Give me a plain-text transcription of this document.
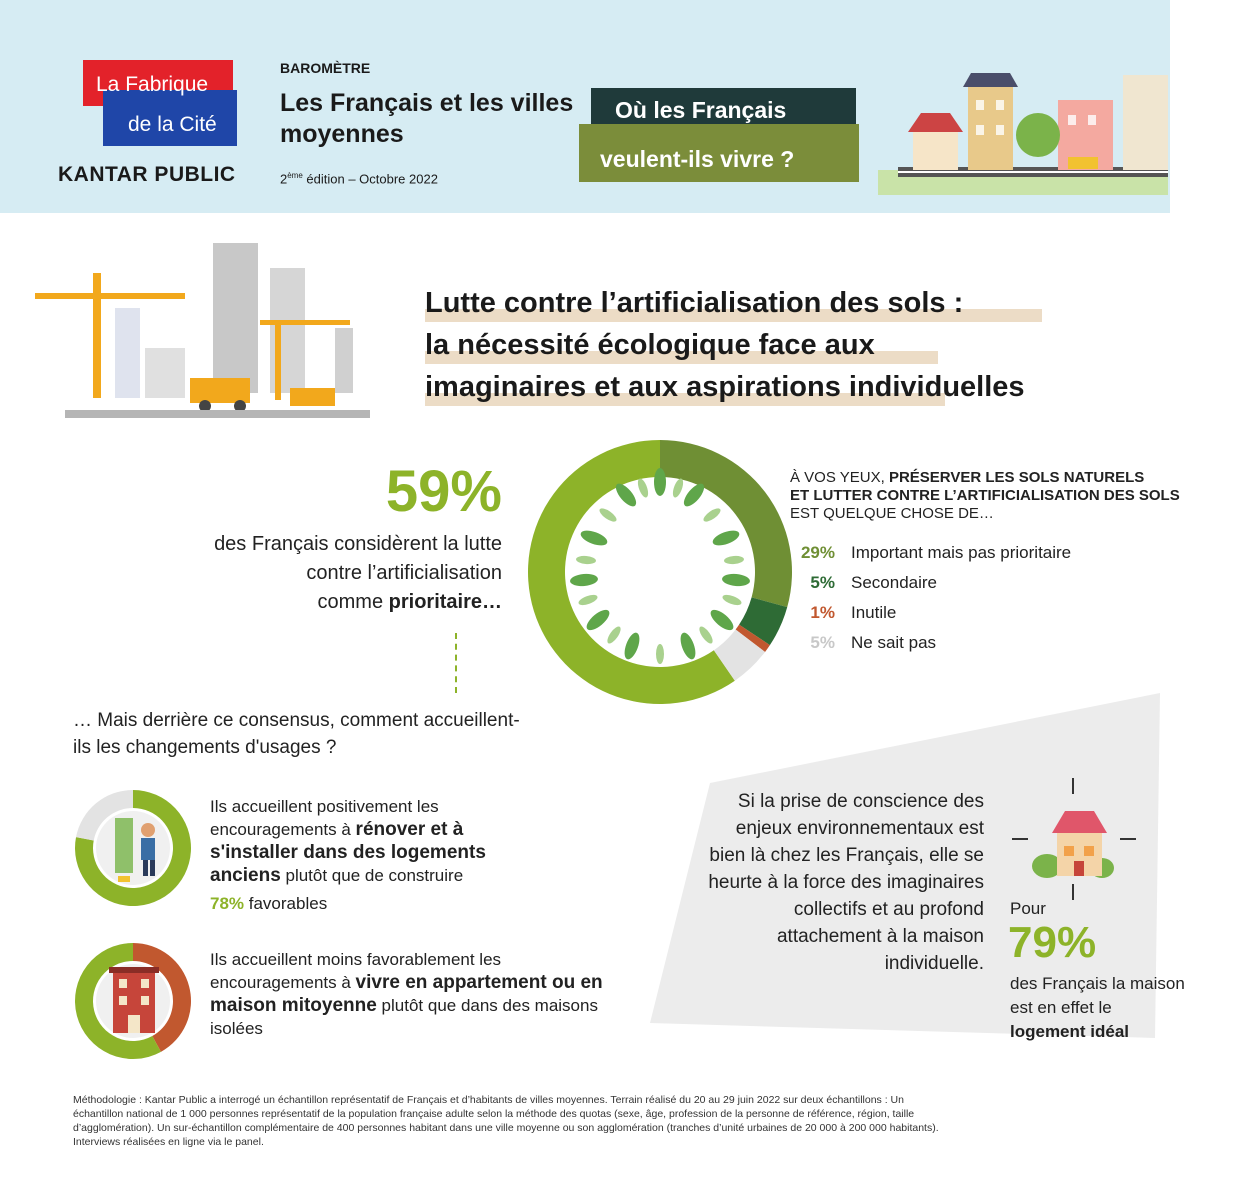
La Fabrique
de la Cité
KANTAR PUBLIC
BAROMÈTRE
Les Français et les villes moyennes
2ème édition – Octobre 2022
Où les Français
veulent-ils vivre ?
Lutte contre l’artificialisation des sols :
la nécessité écologique face aux
imaginaires et aux aspirations individuelles
59%
des Français considèrent la lutte
contre l’artificialisation
comme prioritaire…
À VOS YEUX, PRÉSERVER LES SOLS NATURELS
ET LUTTER CONTRE L’ARTIFICIALISATION DES SOLS
EST QUELQUE CHOSE DE…
29% Important mais pas prioritaire
5% Secondaire
1% Inutile
5% Ne sait pas
… Mais derrière ce consensus, comment accueillent-ils les changements d'usages ?
Ils accueillent positivement les encouragements à rénover et à s'installer dans des logements anciens plutôt que de construire
78% favorables
Ils accueillent moins favorablement les encouragements à vivre en appartement ou en maison mitoyenne plutôt que dans des maisons isolées
Si la prise de conscience des enjeux environnementaux est bien là chez les Français, elle se heurte à la force des imaginaires collectifs et au profond attachement à la maison individuelle.
Pour
79%
des Français la maison est en effet le logement idéal
Méthodologie : Kantar Public a interrogé un échantillon représentatif de Français et d’habitants de villes moyennes. Terrain réalisé du 20 au 29 juin 2022 sur deux échantillons : Un échantillon national de 1 000 personnes représentatif de la population française adulte selon la méthode des quotas (sexe, âge, profession de la personne de référence, région, taille d’agglomération). Un sur-échantillon complémentaire de 400 personnes habitant dans une ville moyenne ou son agglomération (tranches d’unité urbaines de 20 000 à 200 000 habitants). Interviews réalisées en ligne via le panel.
